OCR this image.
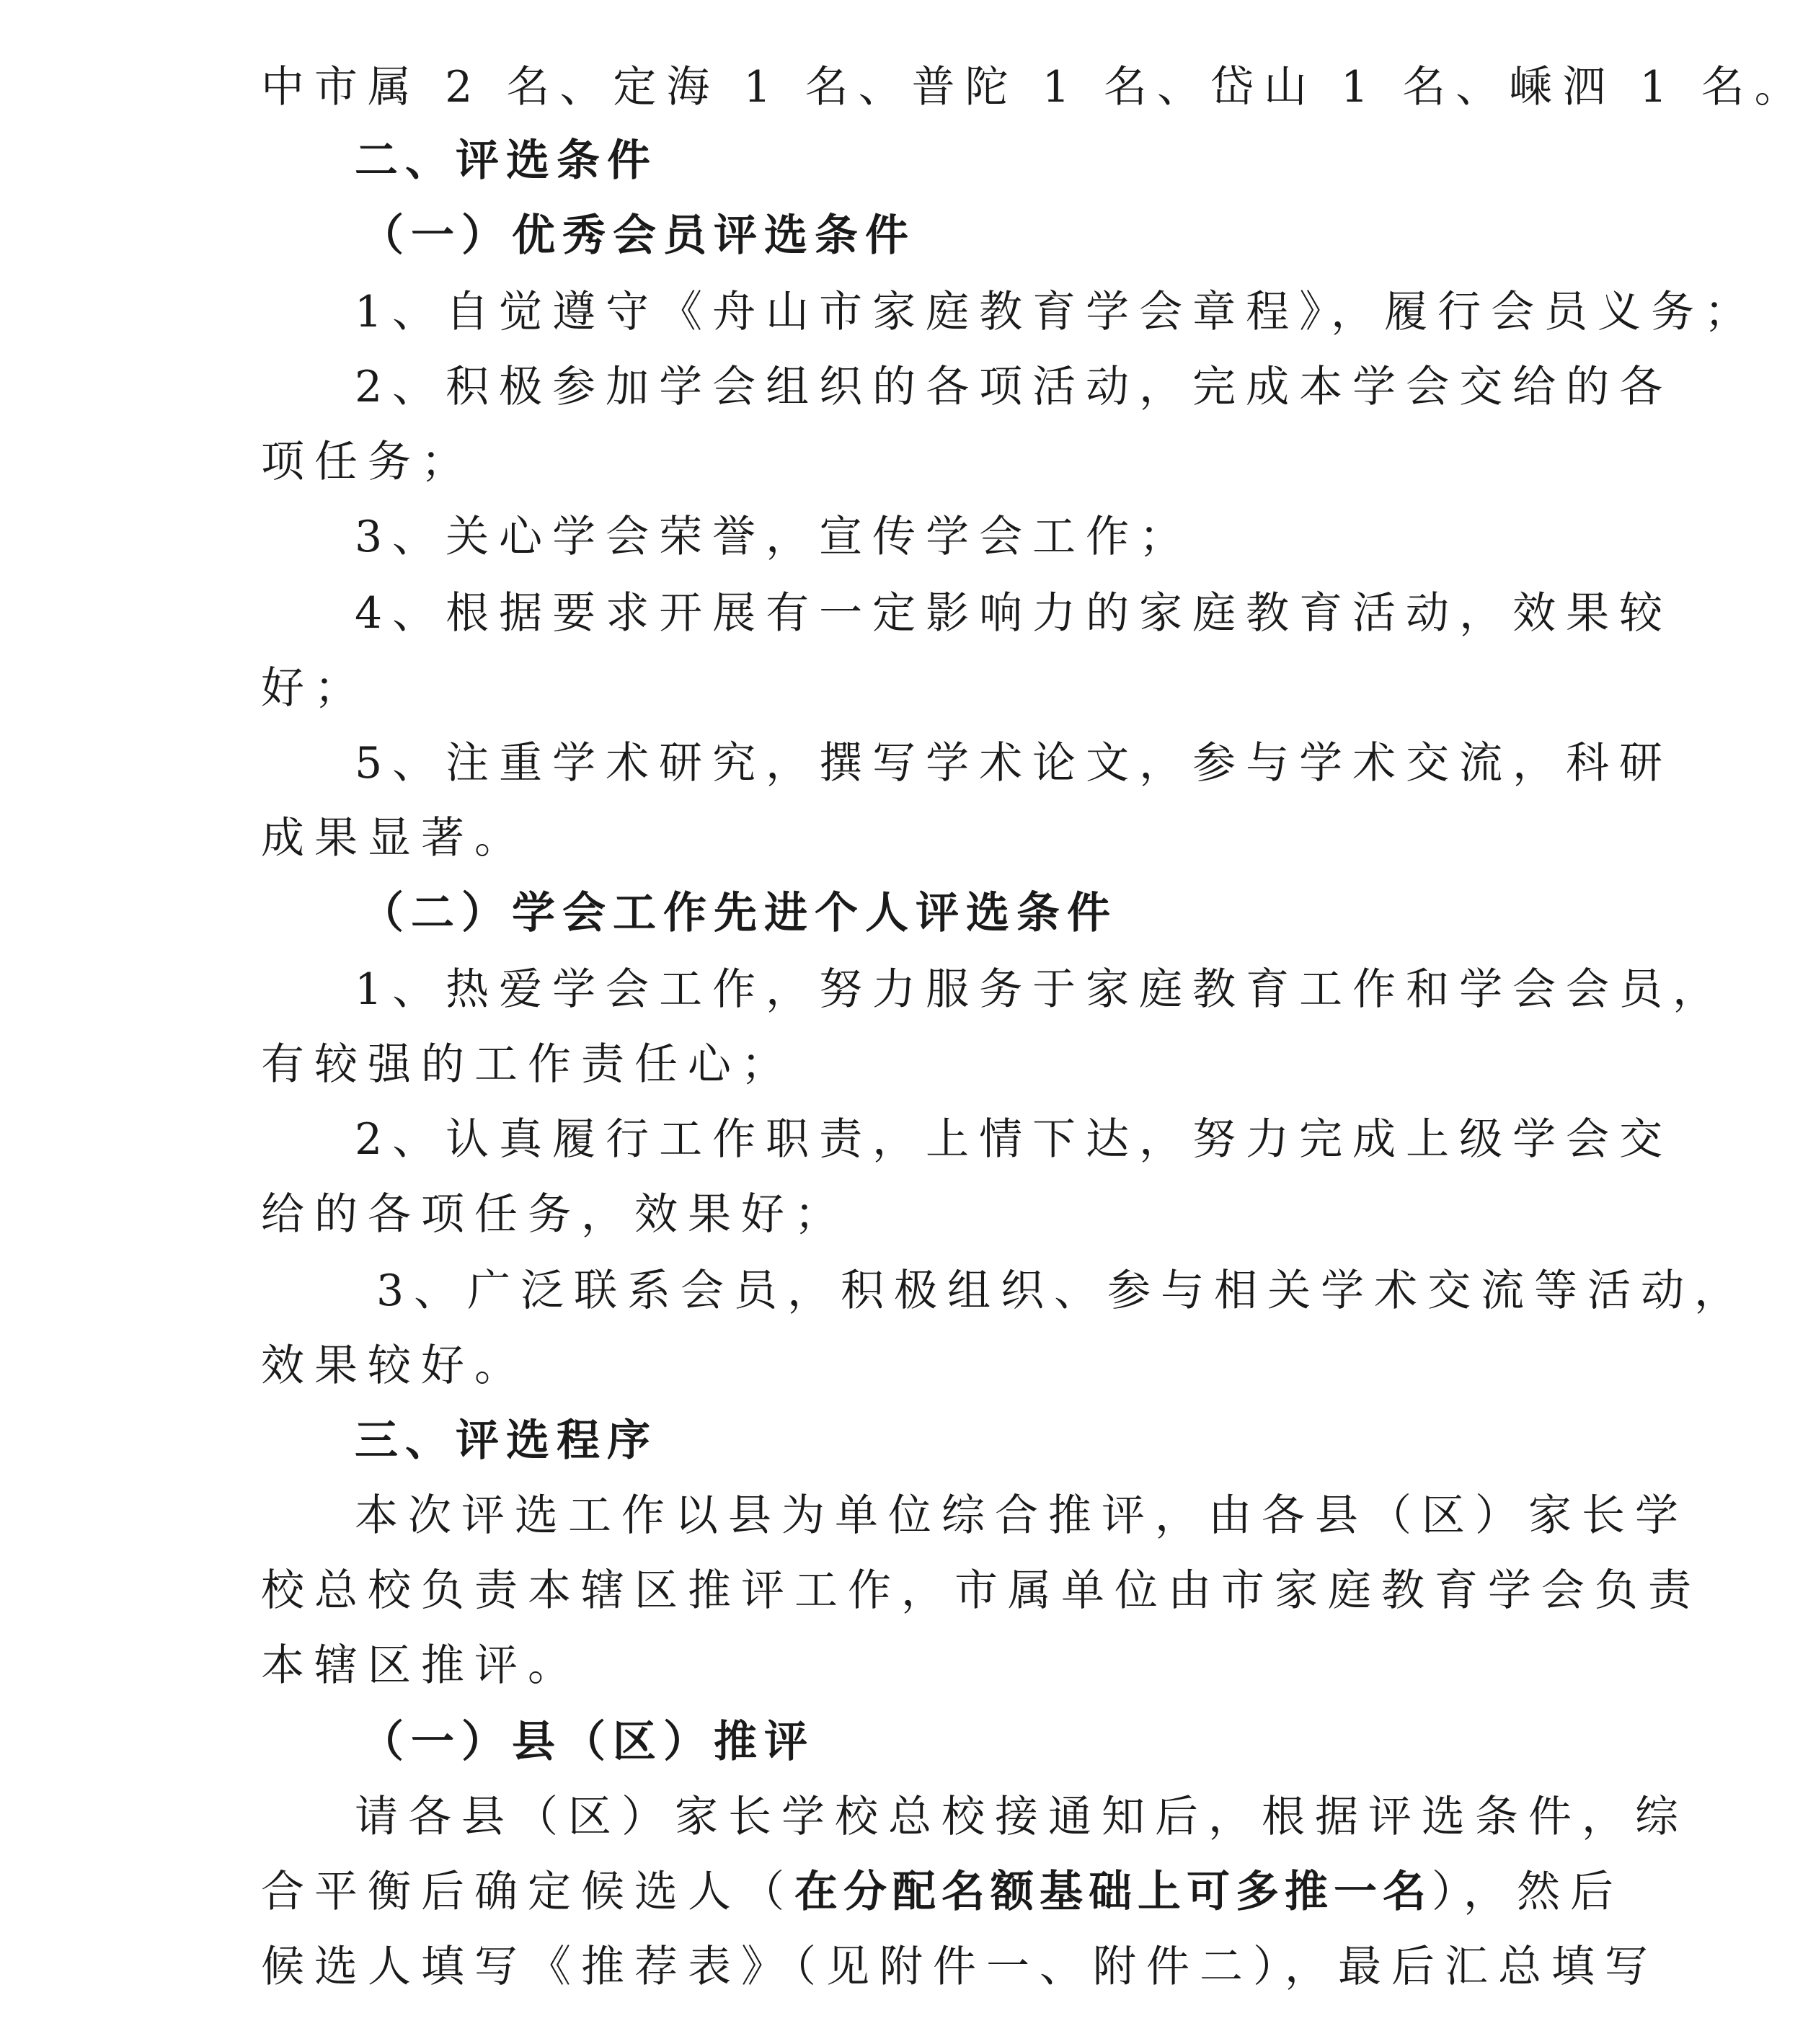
中市属 2 名、定海 1 名、普陀 1 名、岱山 1 名、嵊泗 1 名。
二、评选条件
（一）优秀会员评选条件
1、自觉遵守《舟山市家庭教育学会章程》，履行会员义务；
2、积极参加学会组织的各项活动，完成本学会交给的各
项任务；
3、关心学会荣誉，宣传学会工作；
4、根据要求开展有一定影响力的家庭教育活动，效果较
好；
5、注重学术研究，撰写学术论文，参与学术交流，科研
成果显著。
（二）学会工作先进个人评选条件
1、热爱学会工作，努力服务于家庭教育工作和学会会员，
有较强的工作责任心；
2、认真履行工作职责，上情下达，努力完成上级学会交
给的各项任务，效果好；
3、广泛联系会员，积极组织、参与相关学术交流等活动，
效果较好。
三、评选程序
本次评选工作以县为单位综合推评，由各县（区）家长学
校总校负责本辖区推评工作，市属单位由市家庭教育学会负责
本辖区推评。
（一）县（区）推评
请各县（区）家长学校总校接通知后，根据评选条件，综
合平衡后确定候选人（在分配名额基础上可多推一名），然后
候选人填写《推荐表》（见附件一、附件二），最后汇总填写
